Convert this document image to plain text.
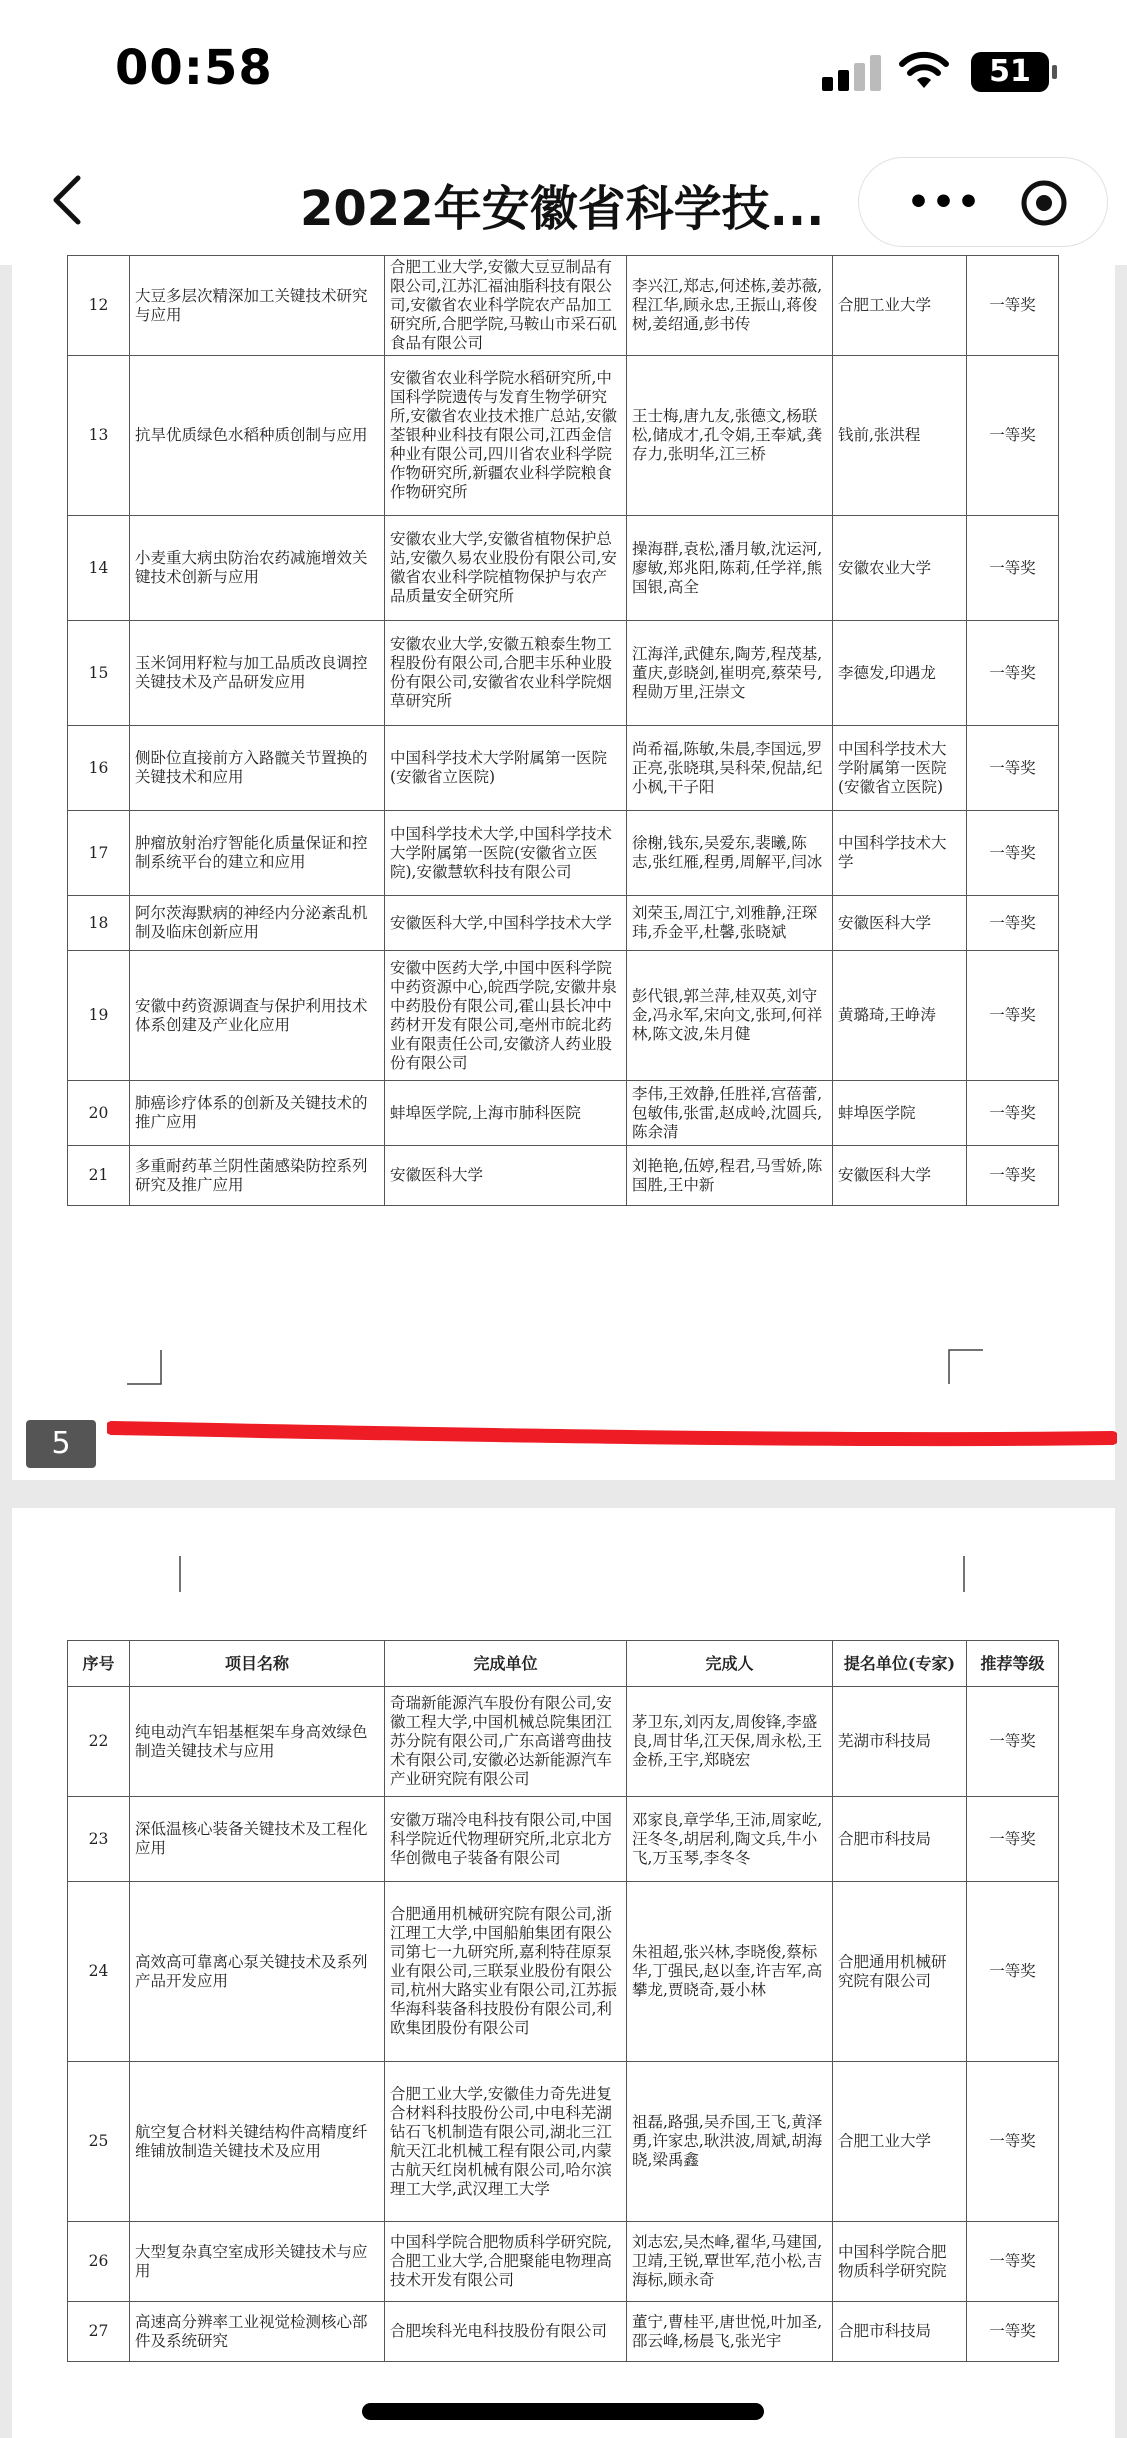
00:58	51
2022年安徽省科学技... •••
12	大豆多层次精深加工关键技术研究与应用	合肥工业大学,安徽大豆豆制品有限公司,江苏汇福油脂科技有限公司,安徽省农业科学院农产品加工研究所,合肥学院,马鞍山市采石矶食品有限公司	李兴江,郑志,何述栋,姜苏薇,程江华,顾永忠,王振山,蒋俊树,姜绍通,彭书传	合肥工业大学	一等奖
13	抗旱优质绿色水稻种质创制与应用	安徽省农业科学院水稻研究所,中国科学院遗传与发育生物学研究所,安徽省农业技术推广总站,安徽荃银种业科技有限公司,江西金信种业有限公司,四川省农业科学院作物研究所,新疆农业科学院粮食作物研究所	王士梅,唐九友,张德文,杨联松,储成才,孔令娟,王奉斌,龚存力,张明华,江三桥	钱前,张洪程	一等奖
14	小麦重大病虫防治农药减施增效关键技术创新与应用	安徽农业大学,安徽省植物保护总站,安徽久易农业股份有限公司,安徽省农业科学院植物保护与农产品质量安全研究所	操海群,袁松,潘月敏,沈运河,廖敏,郑兆阳,陈莉,任学祥,熊国银,高全	安徽农业大学	一等奖
15	玉米饲用籽粒与加工品质改良调控关键技术及产品研发应用	安徽农业大学,安徽五粮泰生物工程股份有限公司,合肥丰乐种业股份有限公司,安徽省农业科学院烟草研究所	江海洋,武健东,陶芳,程茂基,董庆,彭晓剑,崔明亮,蔡荣号,程勋万里,汪崇文	李德发,印遇龙	一等奖
16	侧卧位直接前方入路髋关节置换的关键技术和应用	中国科学技术大学附属第一医院(安徽省立医院)	尚希福,陈敏,朱晨,李国远,罗正亮,张晓琪,吴科荣,倪喆,纪小枫,干子阳	中国科学技术大学附属第一医院(安徽省立医院)	一等奖
17	肿瘤放射治疗智能化质量保证和控制系统平台的建立和应用	中国科学技术大学,中国科学技术大学附属第一医院(安徽省立医院),安徽慧软科技有限公司	徐榭,钱东,吴爱东,裴曦,陈志,张红雁,程勇,周解平,闫冰	中国科学技术大学	一等奖
18	阿尔茨海默病的神经内分泌紊乱机制及临床创新应用	安徽医科大学,中国科学技术大学	刘荣玉,周江宁,刘雅静,汪琛玮,乔金平,杜馨,张晓斌	安徽医科大学	一等奖
19	安徽中药资源调查与保护利用技术体系创建及产业化应用	安徽中医药大学,中国中医科学院中药资源中心,皖西学院,安徽井泉中药股份有限公司,霍山县长冲中药材开发有限公司,亳州市皖北药业有限责任公司,安徽济人药业股份有限公司	彭代银,郭兰萍,桂双英,刘守金,冯永军,宋向文,张珂,何祥林,陈文波,朱月健	黄璐琦,王峥涛	一等奖
20	肺癌诊疗体系的创新及关键技术的推广应用	蚌埠医学院,上海市肺科医院	李伟,王效静,任胜祥,宫蓓蕾,包敏伟,张雷,赵成岭,沈圆兵,陈余清	蚌埠医学院	一等奖
21	多重耐药革兰阴性菌感染防控系列研究及推广应用	安徽医科大学	刘艳艳,伍婷,程君,马雪娇,陈国胜,王中新	安徽医科大学	一等奖
5
序号	项目名称	完成单位	完成人	提名单位(专家)	推荐等级
22	纯电动汽车铝基框架车身高效绿色制造关键技术与应用	奇瑞新能源汽车股份有限公司,安徽工程大学,中国机械总院集团江苏分院有限公司,广东高谱弯曲技术有限公司,安徽必达新能源汽车产业研究院有限公司	茅卫东,刘丙友,周俊锋,李盛良,周甘华,江天保,周永松,王金桥,王宇,郑晓宏	芜湖市科技局	一等奖
23	深低温核心装备关键技术及工程化应用	安徽万瑞冷电科技有限公司,中国科学院近代物理研究所,北京北方华创微电子装备有限公司	邓家良,章学华,王沛,周家屹,汪冬冬,胡居利,陶文兵,牛小飞,万玉琴,李冬冬	合肥市科技局	一等奖
24	高效高可靠离心泵关键技术及系列产品开发应用	合肥通用机械研究院有限公司,浙江理工大学,中国船舶集团有限公司第七一九研究所,嘉利特荏原泵业有限公司,三联泵业股份有限公司,杭州大路实业有限公司,江苏振华海科装备科技股份有限公司,利欧集团股份有限公司	朱祖超,张兴林,李晓俊,蔡标华,丁强民,赵以奎,许吉军,高攀龙,贾晓奇,聂小林	合肥通用机械研究院有限公司	一等奖
25	航空复合材料关键结构件高精度纤维铺放制造关键技术及应用	合肥工业大学,安徽佳力奇先进复合材料科技股份公司,中电科芜湖钻石飞机制造有限公司,湖北三江航天江北机械工程有限公司,内蒙古航天红岗机械有限公司,哈尔滨理工大学,武汉理工大学	祖磊,路强,吴乔国,王飞,黄泽勇,许家忠,耿洪波,周斌,胡海晓,梁禹鑫	合肥工业大学	一等奖
26	大型复杂真空室成形关键技术与应用	中国科学院合肥物质科学研究院,合肥工业大学,合肥聚能电物理高技术开发有限公司	刘志宏,吴杰峰,翟华,马建国,卫靖,王锐,覃世军,范小松,吉海标,顾永奇	中国科学院合肥物质科学研究院	一等奖
27	高速高分辨率工业视觉检测核心部件及系统研究	合肥埃科光电科技股份有限公司	董宁,曹桂平,唐世悦,叶加圣,邵云峰,杨晨飞,张光宇	合肥市科技局	一等奖
